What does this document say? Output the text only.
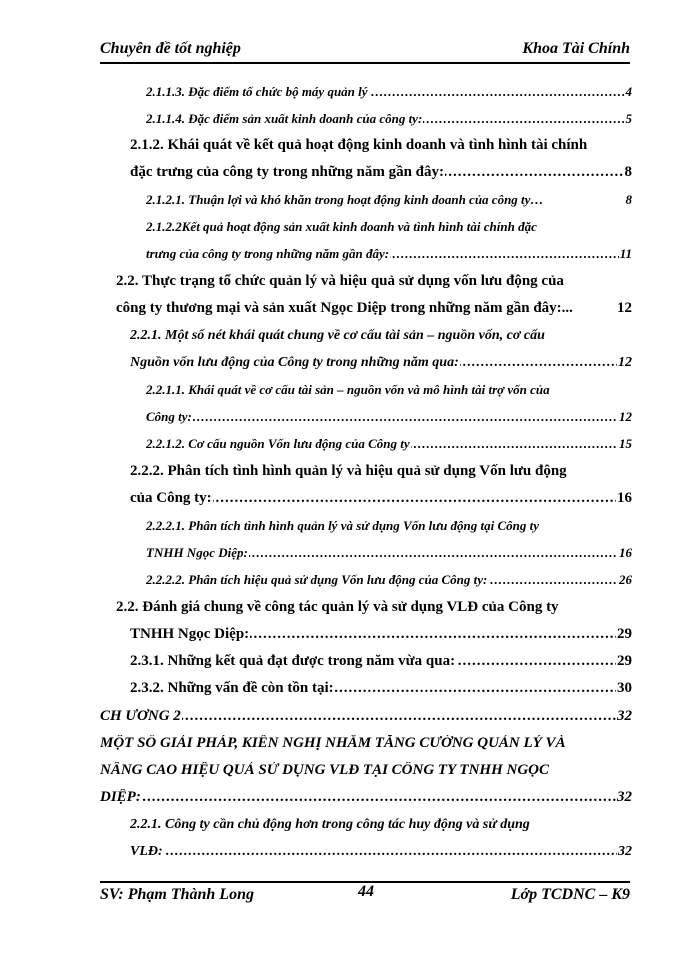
Chuyên đề tốt nghiệp	Khoa Tài Chính
2.1.1.3. Đặc điểm tổ chức bộ máy quản lý .....	4
2.1.1.4. Đặc điểm sản xuất kinh doanh của công ty: .....	5
2.1.2. Khái quát về kết quả hoạt động kinh doanh và tình hình tài chính
đặc trưng của công ty trong những năm gần đây: .....	8
2.1.2.1. Thuận lợi và khó khăn trong hoạt động kinh doanh của công ty…	8
2.1.2.2Kết quả hoạt động sản xuất kinh doanh và tình hình tài chính đặc
trưng của công ty trong những năm gần đây: .....	11
2.2. Thực trạng tổ chức quản lý và hiệu quả sử dụng vốn lưu động của
công ty thương mại và sản xuất Ngọc Diệp trong những năm gần đây:...	12
2.2.1. Một số nét khái quát chung về cơ cấu tài sản – nguồn vốn, cơ cấu
Nguồn vốn lưu động của Công ty trong những năm qua: .....	12
2.2.1.1. Khái quát về cơ cấu tài sản – nguồn vốn và mô hình tài trợ vốn của
Công ty: .....	12
2.2.1.2. Cơ cấu nguồn Vốn lưu động của Công ty .....	15
2.2.2. Phân tích tình hình quản lý và hiệu quả sử dụng Vốn lưu động
của Công ty: .....	16
2.2.2.1. Phân tích tình hình quản lý và sử dụng Vốn lưu động tại Công ty
TNHH Ngọc Diệp: .....	16
2.2.2.2. Phân tích hiệu quả sử dụng Vốn lưu động của Công ty: .....	26
2.2. Đánh giá chung về công tác quản lý và sử dụng VLĐ của Công ty
TNHH Ngọc Diệp: .....	29
2.3.1. Những kết quả đạt được trong năm vừa qua: .....	29
2.3.2. Những vấn đề còn tồn tại: .....	30
CH ƯƠNG 2 .....	32
MỘT SỐ GIẢI PHÁP, KIẾN NGHỊ NHẰM TĂNG CƯỜNG QUẢN LÝ VÀ
NÂNG CAO HIỆU QUẢ SỬ DỤNG VLĐ TẠI CÔNG TY TNHH NGỌC
DIỆP: .....	32
2.2.1. Công ty cần chủ động hơn trong công tác huy động và sử dụng
VLĐ: .....	32
SV: Phạm Thành Long	44	Lớp TCDNC – K9
